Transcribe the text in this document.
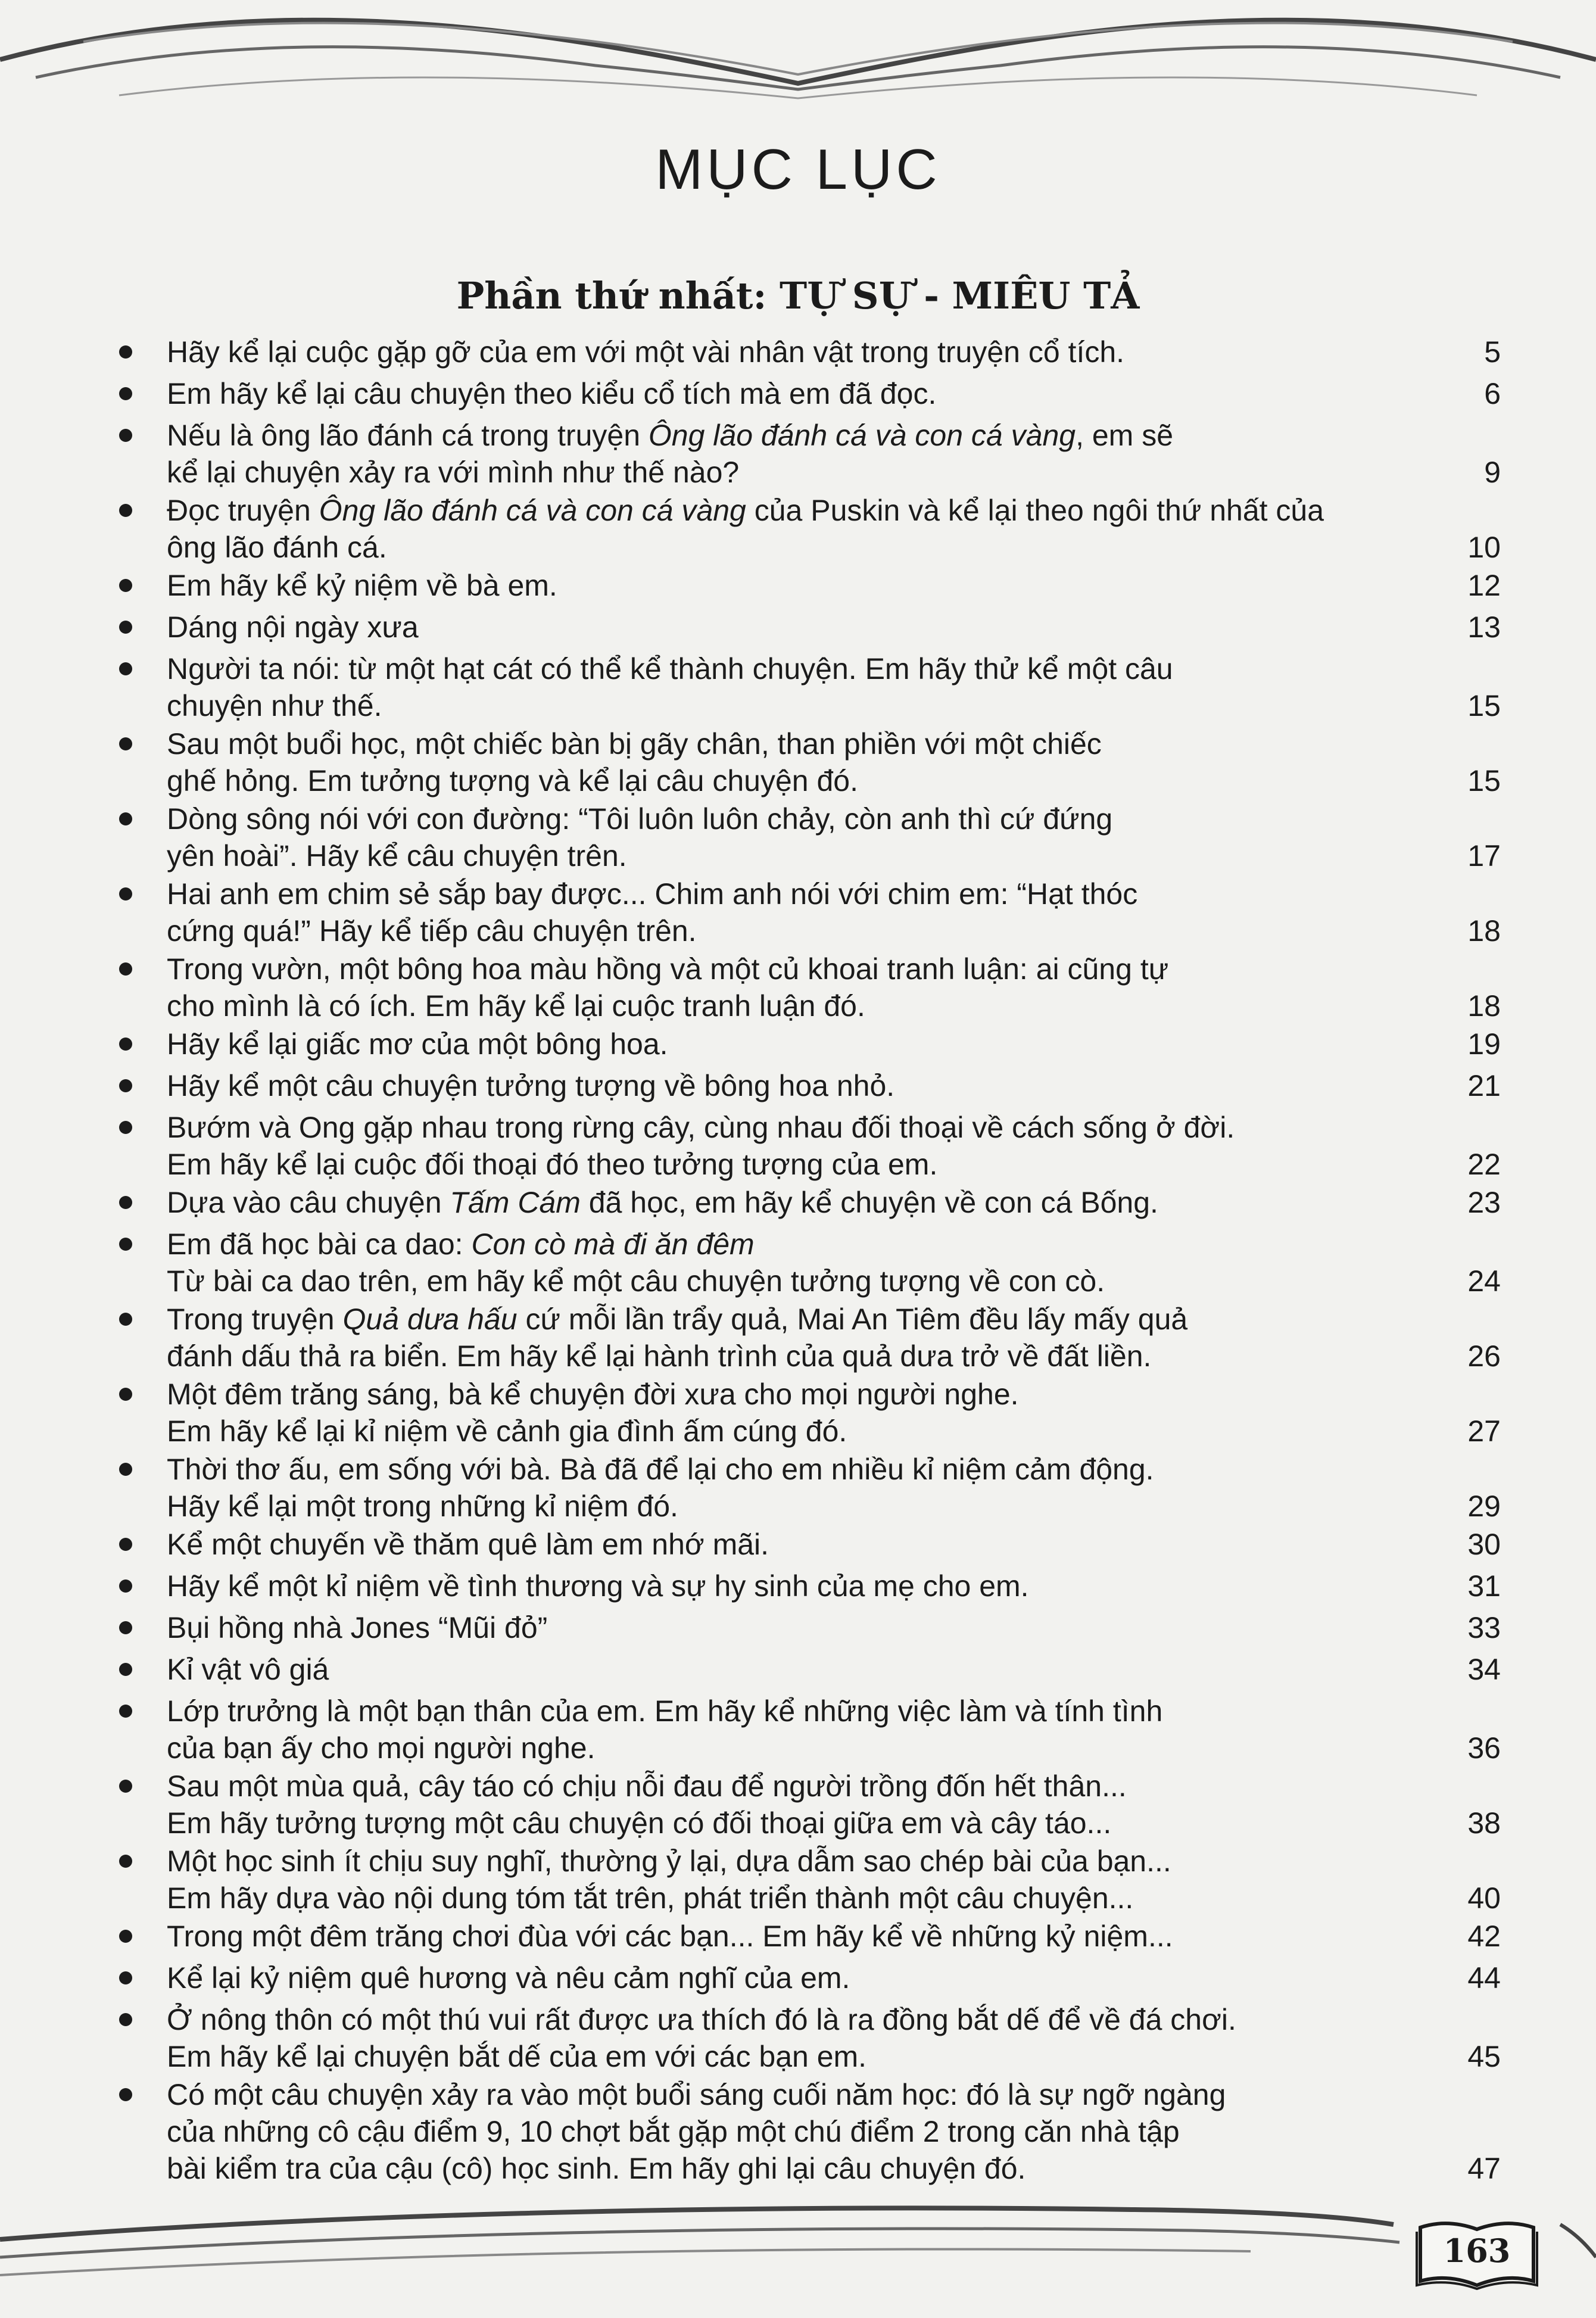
MỤC LỤC
Phần thứ nhất: TỰ SỰ - MIÊU TẢ
Hãy kể lại cuộc gặp gỡ của em với một vài nhân vật trong truyện cổ tích.	5
Em hãy kể lại câu chuyện theo kiểu cổ tích mà em đã đọc.	6
Nếu là ông lão đánh cá trong truyện Ông lão đánh cá và con cá vàng, em sẽ
kể lại chuyện xảy ra với mình như thế nào?	9
Đọc truyện Ông lão đánh cá và con cá vàng của Puskin và kể lại theo ngôi thứ nhất của
ông lão đánh cá.	10
Em hãy kể kỷ niệm về bà em.	12
Dáng nội ngày xưa	13
Người ta nói: từ một hạt cát có thể kể thành chuyện. Em hãy thử kể một câu
chuyện như thế.	15
Sau một buổi học, một chiếc bàn bị gãy chân, than phiền với một chiếc
ghế hỏng. Em tưởng tượng và kể lại câu chuyện đó.	15
Dòng sông nói với con đường: “Tôi luôn luôn chảy, còn anh thì cứ đứng
yên hoài”. Hãy kể câu chuyện trên.	17
Hai anh em chim sẻ sắp bay được... Chim anh nói với chim em: “Hạt thóc
cứng quá!” Hãy kể tiếp câu chuyện trên.	18
Trong vườn, một bông hoa màu hồng và một củ khoai tranh luận: ai cũng tự
cho mình là có ích. Em hãy kể lại cuộc tranh luận đó.	18
Hãy kể lại giấc mơ của một bông hoa.	19
Hãy kể một câu chuyện tưởng tượng về bông hoa nhỏ.	21
Bướm và Ong gặp nhau trong rừng cây, cùng nhau đối thoại về cách sống ở đời.
Em hãy kể lại cuộc đối thoại đó theo tưởng tượng của em.	22
Dựa vào câu chuyện Tấm Cám đã học, em hãy kể chuyện về con cá Bống.	23
Em đã học bài ca dao: Con cò mà đi ăn đêm
Từ bài ca dao trên, em hãy kể một câu chuyện tưởng tượng về con cò.	24
Trong truyện Quả dưa hấu cứ mỗi lần trẩy quả, Mai An Tiêm đều lấy mấy quả
đánh dấu thả ra biển. Em hãy kể lại hành trình của quả dưa trở về đất liền.	26
Một đêm trăng sáng, bà kể chuyện đời xưa cho mọi người nghe.
Em hãy kể lại kỉ niệm về cảnh gia đình ấm cúng đó.	27
Thời thơ ấu, em sống với bà. Bà đã để lại cho em nhiều kỉ niệm cảm động.
Hãy kể lại một trong những kỉ niệm đó.	29
Kể một chuyến về thăm quê làm em nhớ mãi.	30
Hãy kể một kỉ niệm về tình thương và sự hy sinh của mẹ cho em.	31
Bụi hồng nhà Jones “Mũi đỏ”	33
Kỉ vật vô giá	34
Lớp trưởng là một bạn thân của em. Em hãy kể những việc làm và tính tình
của bạn ấy cho mọi người nghe.	36
Sau một mùa quả, cây táo có chịu nỗi đau để người trồng đốn hết thân...
Em hãy tưởng tượng một câu chuyện có đối thoại giữa em và cây táo...	38
Một học sinh ít chịu suy nghĩ, thường ỷ lại, dựa dẫm sao chép bài của bạn...
Em hãy dựa vào nội dung tóm tắt trên, phát triển thành một câu chuyện...	40
Trong một đêm trăng chơi đùa với các bạn... Em hãy kể về những kỷ niệm...	42
Kể lại kỷ niệm quê hương và nêu cảm nghĩ của em.	44
Ở nông thôn có một thú vui rất được ưa thích đó là ra đồng bắt dế để về đá chơi.
Em hãy kể lại chuyện bắt dế của em với các bạn em.	45
Có một câu chuyện xảy ra vào một buổi sáng cuối năm học: đó là sự ngỡ ngàng
của những cô cậu điểm 9, 10 chợt bắt gặp một chú điểm 2 trong căn nhà tập
bài kiểm tra của cậu (cô) học sinh. Em hãy ghi lại câu chuyện đó.	47
163
